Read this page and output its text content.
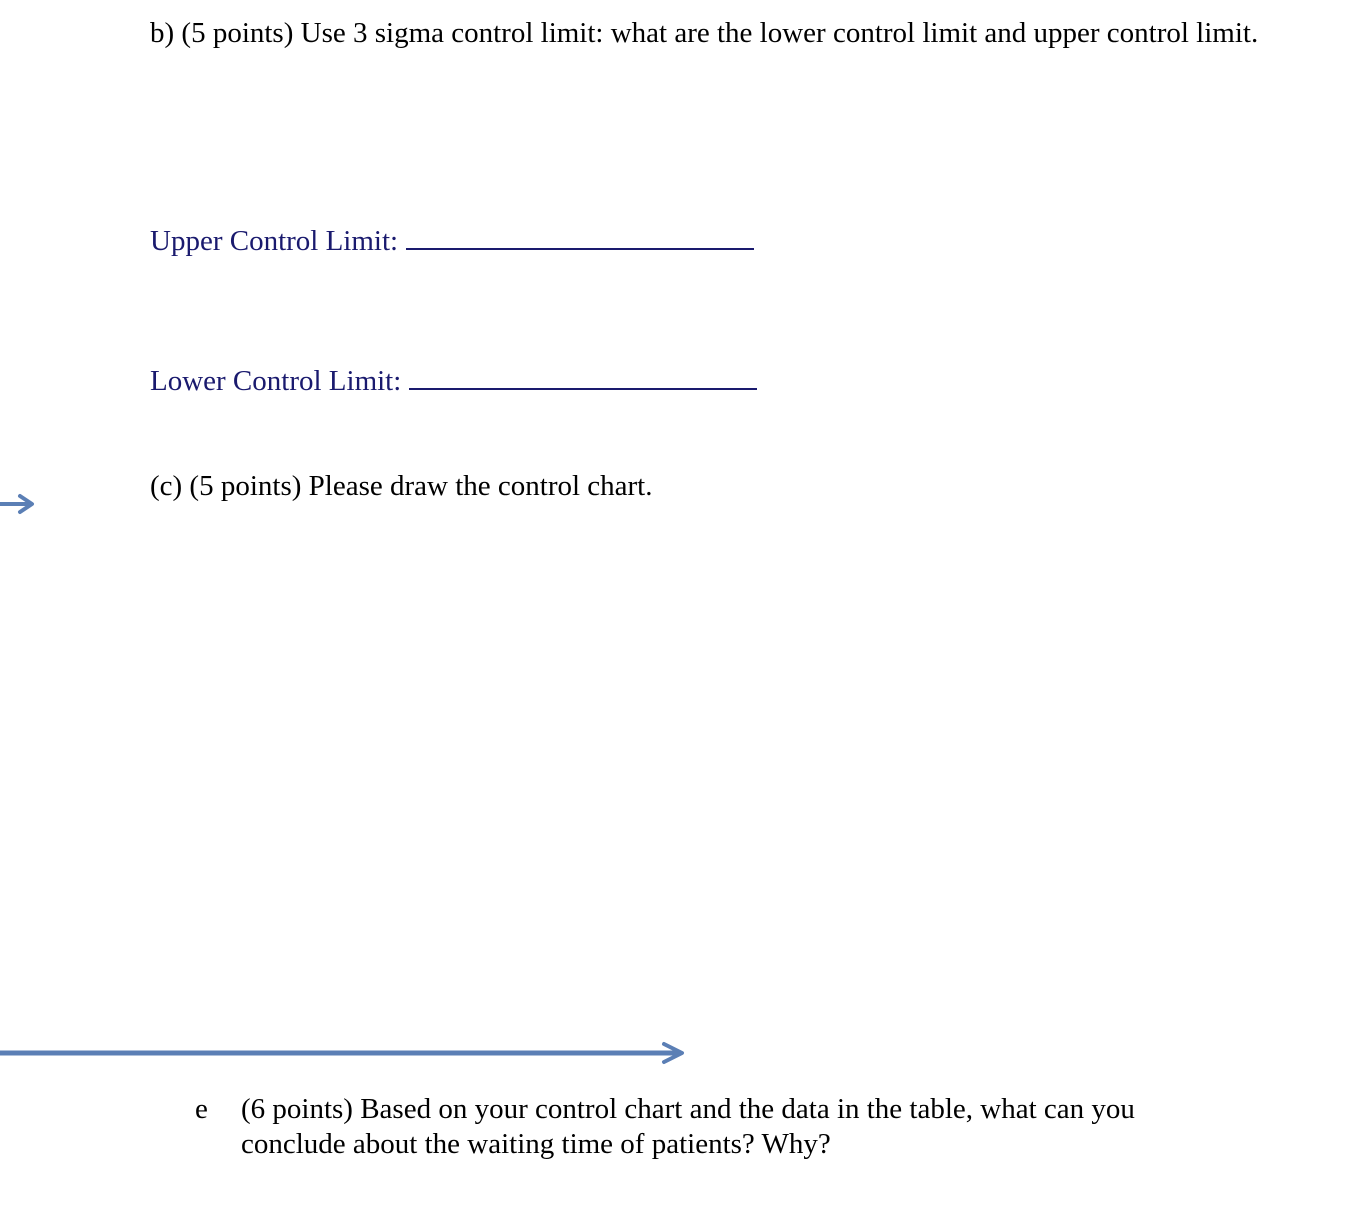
b) (5 points) Use 3 sigma control limit: what are the lower control limit and upper control limit.

Upper Control Limit:
Lower Control Limit:

(c) (5 points) Please draw the control chart.

e (6 points) Based on your control chart and the data in the table, what can you conclude about the waiting time of patients? Why?
